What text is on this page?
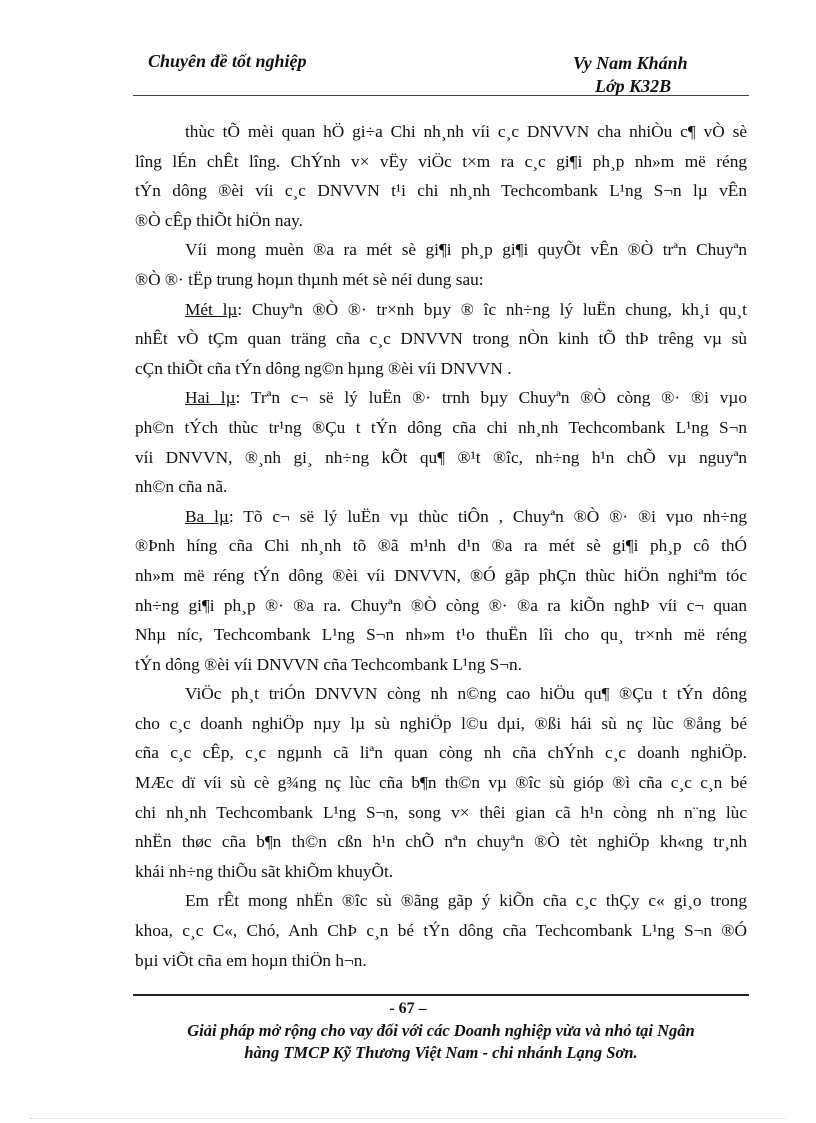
Chuyên đề tốt nghiệp	Vy Nam Khánh
Lớp K32B
thùc tÕ mèi quan hÖ gi÷a Chi nh¸nh víi c¸c DNVVN cha nhiÒu c¶ vÒ sè
lîng lÉn chÊt lîng. ChÝnh v× vËy viÖc t×m ra c¸c gi¶i ph¸p nh»m më réng
tÝn dông ®èi víi c¸c DNVVN t¹i chi nh¸nh Techcombank L¹ng S¬n lµ vÊn
®Ò cÊp thiÕt hiÖn nay.
Víi mong muèn ®a ra mét sè gi¶i ph¸p gi¶i quyÕt vÊn ®Ò trªn Chuyªn
®Ò ®· tËp trung hoµn thµnh mét sè néi dung sau:
Mét lµ: Chuyªn ®Ò ®· tr×nh bµy ® îc nh÷ng lý luËn chung, kh¸i qu¸t
nhÊt vÒ tÇm quan träng cña c¸c DNVVN trong nÒn kinh tÕ thÞ trêng vµ sù
cÇn thiÕt cña tÝn dông ng©n hµng ®èi víi DNVVN .
Hai lµ: Trªn c¬ së lý luËn ®· trnh bµy Chuyªn ®Ò còng ®· ®i vµo
ph©n tÝch thùc tr¹ng ®Çu t tÝn dông cña chi nh¸nh Techcombank L¹ng S¬n
víi DNVVN, ®¸nh gi¸ nh÷ng kÕt qu¶ ®¹t ®îc, nh÷ng h¹n chÕ vµ nguyªn
nh©n cña nã.
Ba lµ: Tõ c¬ së lý luËn vµ thùc tiÔn , Chuyªn ®Ò ®· ®i vµo nh÷ng
®Þnh híng cña Chi nh¸nh tõ ®ã m¹nh d¹n ®a ra mét sè gi¶i ph¸p cô thÓ
nh»m më réng tÝn dông ®èi víi DNVVN, ®Ó gãp phÇn thùc hiÖn nghiªm tóc
nh÷ng gi¶i ph¸p ®· ®a ra. Chuyªn ®Ò còng ®· ®a ra kiÕn nghÞ víi c¬ quan
Nhµ níc, Techcombank L¹ng S¬n nh»m t¹o thuËn lîi cho qu¸ tr×nh më réng
tÝn dông ®èi víi DNVVN cña Techcombank L¹ng S¬n.
ViÖc ph¸t triÓn DNVVN còng nh n©ng cao hiÖu qu¶ ®Çu t tÝn dông
cho c¸c doanh nghiÖp nµy lµ sù nghiÖp l©u dµi, ®ßi hái sù nç lùc ®ång bé
cña c¸c cÊp, c¸c ngµnh cã liªn quan còng nh cña chÝnh c¸c doanh nghiÖp.
MÆc dï víi sù cè g¾ng nç lùc cña b¶n th©n vµ ®îc sù gióp ®ì cña c¸c c¸n bé
chi nh¸nh Techcombank L¹ng S¬n, song v× thêi gian cã h¹n còng nh n¨ng lùc
nhËn thøc cña b¶n th©n cßn h¹n chÕ nªn chuyªn ®Ò tèt nghiÖp kh«ng tr¸nh
khái nh÷ng thiÕu sãt khiÕm khuyÕt.
Em rÊt mong nhËn ®îc sù ®ãng gãp ý kiÕn cña c¸c thÇy c« gi¸o trong
khoa, c¸c C«, Chó, Anh ChÞ c¸n bé tÝn dông cña Techcombank L¹ng S¬n ®Ó
bµi viÕt cña em hoµn thiÖn h¬n.
- 67 –
Giải pháp mở rộng cho vay đối với các Doanh nghiệp vừa và nhỏ tại Ngân
hàng TMCP Kỹ Thương Việt Nam - chi nhánh Lạng Sơn.
